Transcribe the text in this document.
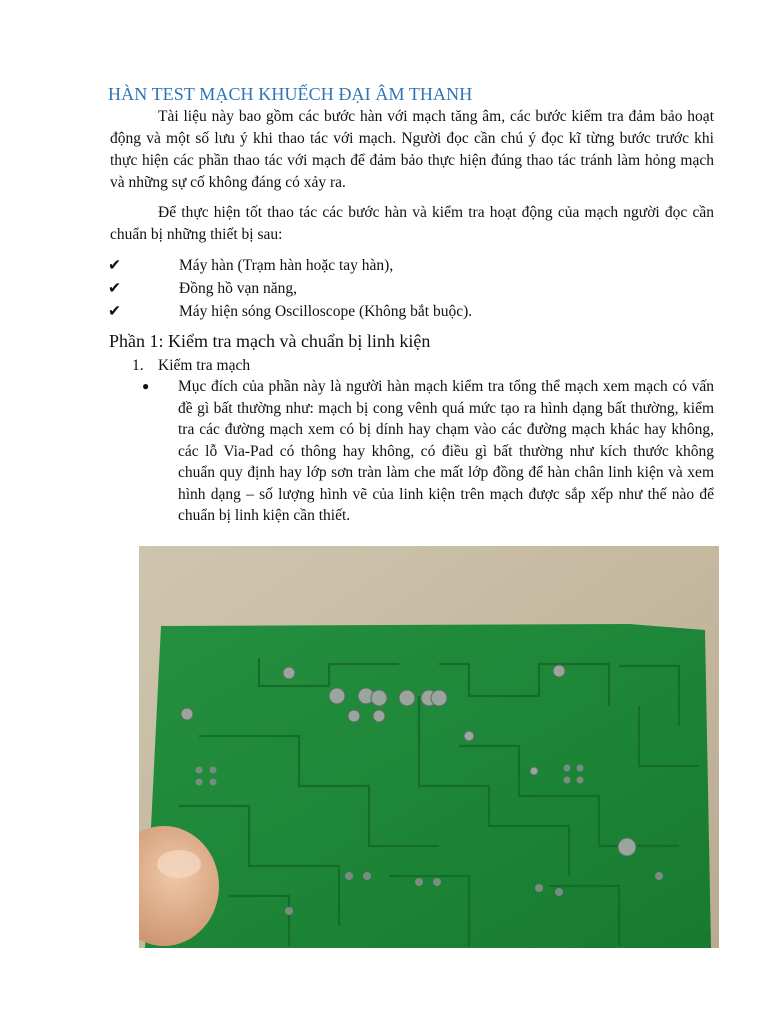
HÀN TEST MẠCH KHUẾCH ĐẠI ÂM THANH

Tài liệu này bao gồm các bước hàn với mạch tăng âm, các bước kiểm tra đảm bảo hoạt động và một số lưu ý khi thao tác với mạch. Người đọc cần chú ý đọc kĩ từng bước trước khi thực hiện các phần thao tác với mạch để đảm bảo thực hiện đúng thao tác tránh làm hỏng mạch và những sự cố không đáng có xảy ra.

Để thực hiện tốt thao tác các bước hàn và kiểm tra hoạt động của mạch người đọc cần chuẩn bị những thiết bị sau:

✔	Máy hàn (Trạm hàn hoặc tay hàn),
✔	Đồng hồ vạn năng,
✔	Máy hiện sóng Oscilloscope (Không bắt buộc).
Phần 1: Kiểm tra mạch và chuẩn bị linh kiện
1. Kiểm tra mạch
●	Mục đích của phần này là người hàn mạch kiểm tra tổng thể mạch xem mạch có vấn đề gì bất thường như: mạch bị cong vênh quá mức tạo ra hình dạng bất thường, kiểm tra các đường mạch xem có bị dính hay chạm vào các đường mạch khác hay không, các lỗ Via-Pad có thông hay không, có điều gì bất thường như kích thước không chuẩn quy định hay lớp sơn tràn làm che mất lớp đồng để hàn chân linh kiện và xem hình dạng – số lượng hình vẽ của linh kiện trên mạch được sắp xếp như thế nào để chuẩn bị linh kiện cần thiết.
